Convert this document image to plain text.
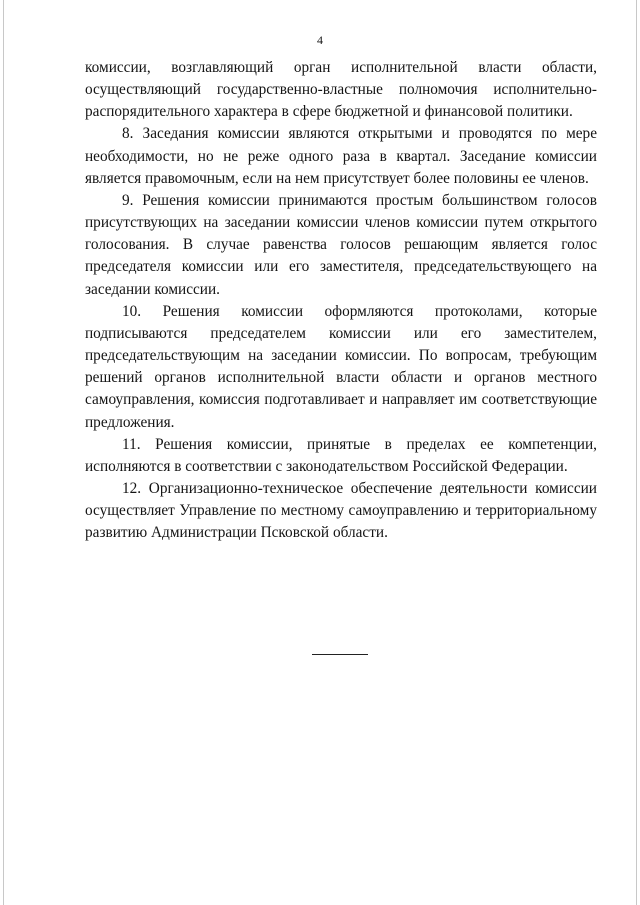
4

комиссии, возглавляющий орган исполнительной власти области, осуществляющий государственно-властные полномочия исполнительно-распорядительного характера в сфере бюджетной и финансовой политики.

8. Заседания комиссии являются открытыми и проводятся по мере необходимости, но не реже одного раза в квартал. Заседание комиссии является правомочным, если на нем присутствует более половины ее членов.

9. Решения комиссии принимаются простым большинством голосов присутствующих на заседании комиссии членов комиссии путем открытого голосования. В случае равенства голосов решающим является голос председателя комиссии или его заместителя, председательствующего на заседании комиссии.

10. Решения комиссии оформляются протоколами, которые подписываются председателем комиссии или его заместителем, председательствующим на заседании комиссии. По вопросам, требующим решений органов исполнительной власти области и органов местного самоуправления, комиссия подготавливает и направляет им соответствующие предложения.

11. Решения комиссии, принятые в пределах ее компетенции, исполняются в соответствии с законодательством Российской Федерации.

12. Организационно-техническое обеспечение деятельности комиссии осуществляет Управление по местному самоуправлению и территориальному развитию Администрации Псковской области.
